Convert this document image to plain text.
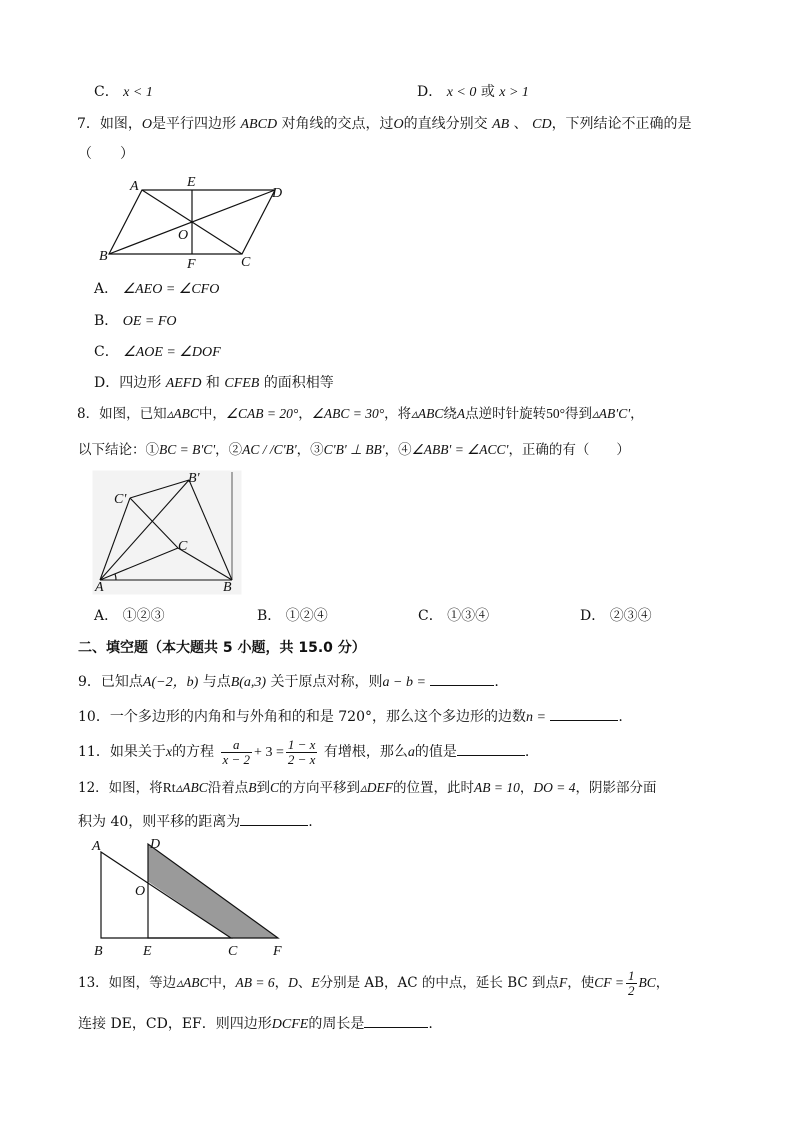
C． x < 1	D． x < 0 或 x > 1
7．如图，O是平行四边形 ABCD 对角线的交点，过O的直线分别交 AB 、 CD，下列结论不正确的是
（　　）
A	E
D
O
B
F	C
A． ∠AEO = ∠CFO
B． OE = FO
C． ∠AOE = ∠DOF
D．四边形 AEFD 和 CFEB 的面积相等
8．如图，已知▵ABC中，∠CAB = 20°，∠ABC = 30°，将▵ABC绕A点逆时针旋转50°得到▵AB'C'，
以下结论：①BC = B'C'，②AC / /C'B'，③C'B' ⊥ BB'，④∠ABB' = ∠ACC'，正确的有（　　）
C'
B'
C
A	B
A． ①②③	B． ①②④	C． ①③④	D． ②③④
二、填空题（本大题共 5 小题，共 15.0 分）
9．已知点A(−2，b) 与点B(a,3) 关于原点对称，则a − b =	.
10．一个多边形的内角和与外角和的和是 720°，那么这个多边形的边数n =	.
11．如果关于x的方程 $\frac{a}{x - 2} + 3 = \frac{1 - x}{2 - x}$ 有增根，那么a的值是	.
12．如图，将Rt▵ABC沿着点B到C的方向平移到▵DEF的位置，此时AB = 10，DO = 4，阴影部分面
积为 40，则平移的距离为	.
A	D
O
B	E	C	F
13．如图，等边▵ABC中，AB = 6，D、E分别是 AB，AC 的中点，延长 BC 到点F，使CF = $\frac{1}{2}$ BC，
连接 DE，CD，EF．则四边形DCFE的周长是	.
